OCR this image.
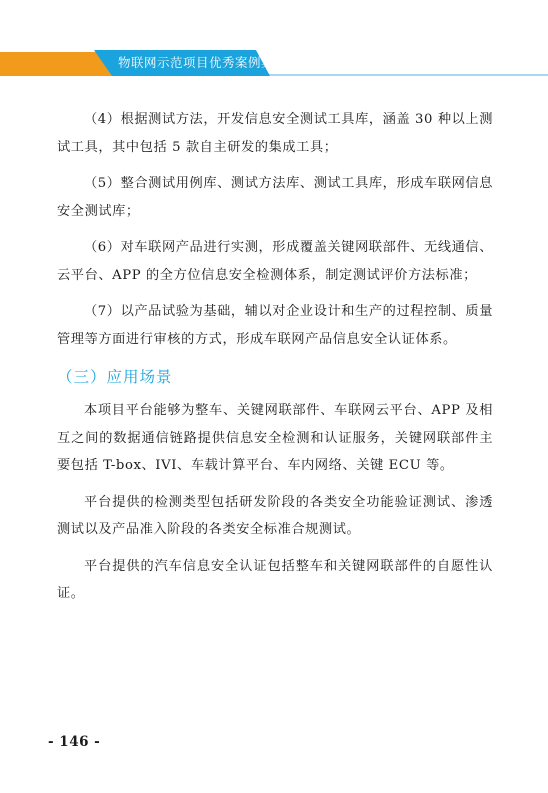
物联网示范项目优秀案例集

（4）根据测试方法，开发信息安全测试工具库，涵盖 30 种以上测试工具，其中包括 5 款自主研发的集成工具；

（5）整合测试用例库、测试方法库、测试工具库，形成车联网信息安全测试库；

（6）对车联网产品进行实测，形成覆盖关键网联部件、无线通信、云平台、APP 的全方位信息安全检测体系，制定测试评价方法标准；

（7）以产品试验为基础，辅以对企业设计和生产的过程控制、质量管理等方面进行审核的方式，形成车联网产品信息安全认证体系。

（三）应用场景

本项目平台能够为整车、关键网联部件、车联网云平台、APP 及相互之间的数据通信链路提供信息安全检测和认证服务，关键网联部件主要包括 T-box、IVI、车载计算平台、车内网络、关键 ECU 等。

平台提供的检测类型包括研发阶段的各类安全功能验证测试、渗透测试以及产品准入阶段的各类安全标准合规测试。

平台提供的汽车信息安全认证包括整车和关键网联部件的自愿性认证。

- 146 -
